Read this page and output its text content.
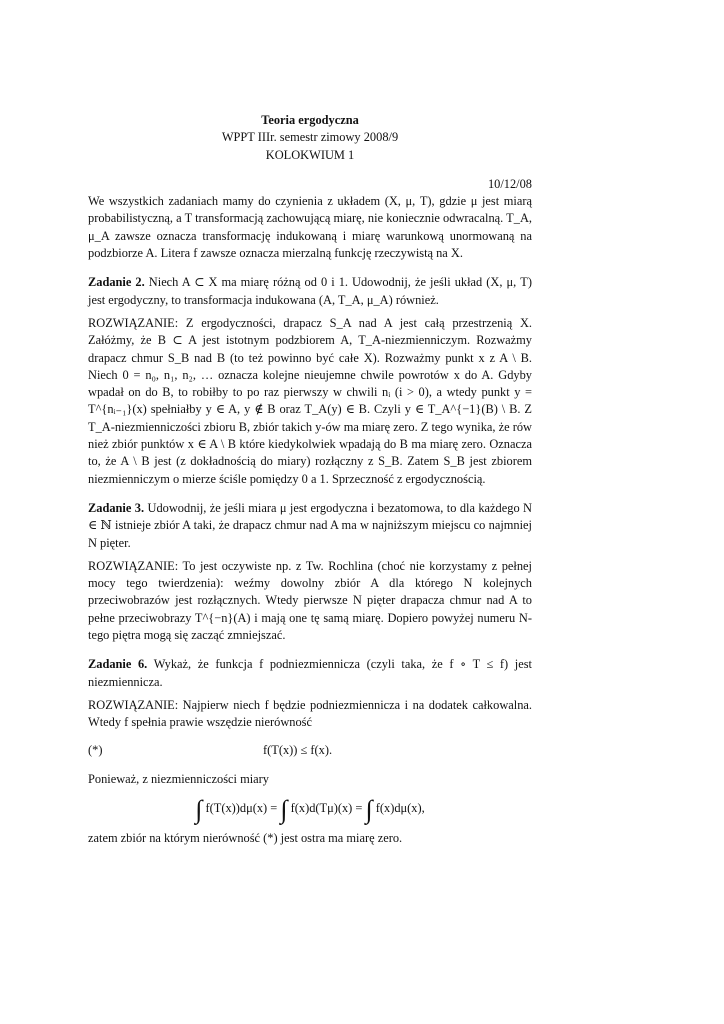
Teoria ergodyczna
WPPT IIIr. semestr zimowy 2008/9
KOLOKWIUM 1
10/12/08

We wszystkich zadaniach mamy do czynienia z układem (X, μ, T), gdzie μ jest miarą probabilistyczną, a T transformacją zachowującą miarę, nie koniecznie odwracalną. T_A, μ_A zawsze oznacza transformację indukowaną i miarę warunkową unormowaną na podzbiorze A. Litera f zawsze oznacza mierzalną funkcję rzeczywistą na X.

Zadanie 2. Niech A ⊂ X ma miarę różną od 0 i 1. Udowodnij, że jeśli układ (X, μ, T) jest ergodyczny, to transformacja indukowana (A, T_A, μ_A) również.

ROZWIĄZANIE: Z ergodyczności, drapacz S_A nad A jest całą przestrzenią X. Załóżmy, że B ⊂ A jest istotnym podzbiorem A, T_A-niezmienniczym. Rozważmy drapacz chmur S_B nad B (to też powinno być całe X). Rozważmy punkt x z A \ B. Niech 0 = n₀, n₁, n₂, … oznacza kolejne nieujemne chwile powrotów x do A. Gdyby wpadał on do B, to robiłby to po raz pierwszy w chwili nᵢ (i > 0), a wtedy punkt y = T^{nᵢ₋₁}(x) spełniałby y ∈ A, y ∉ B oraz T_A(y) ∈ B. Czyli y ∈ T_A^{−1}(B) \ B. Z T_A-niezmienniczości zbioru B, zbiór takich y-ów ma miarę zero. Z tego wynika, że rów nież zbiór punktów x ∈ A \ B które kiedykolwiek wpadają do B ma miarę zero. Oznacza to, że A \ B jest (z dokładnością do miary) rozłączny z S_B. Zatem S_B jest zbiorem niezmienniczym o mierze ściśle pomiędzy 0 a 1. Sprzeczność z ergodycznością.

Zadanie 3. Udowodnij, że jeśli miara μ jest ergodyczna i bezatomowa, to dla każdego N ∈ ℕ istnieje zbiór A taki, że drapacz chmur nad A ma w najniższym miejscu co najmniej N pięter.

ROZWIĄZANIE: To jest oczywiste np. z Tw. Rochlina (choć nie korzystamy z pełnej mocy tego twierdzenia): weźmy dowolny zbiór A dla którego N kolejnych przeciwobrazów jest rozłącznych. Wtedy pierwsze N pięter drapacza chmur nad A to pełne przeciwobrazy T^{−n}(A) i mają one tę samą miarę. Dopiero powyżej numeru N-tego piętra mogą się zacząć zmniejszać.

Zadanie 6. Wykaż, że funkcja f podniezmiennicza (czyli taka, że f ∘ T ≤ f) jest niezmiennicza.

ROZWIĄZANIE: Najpierw niech f będzie podniezmiennicza i na dodatek całkowalna. Wtedy f spełnia prawie wszędzie nierówność

(*)	f(T(x)) ≤ f(x).

Ponieważ, z niezmienniczości miary

∫ f(T(x))dμ(x) = ∫ f(x)d(Tμ)(x) = ∫ f(x)dμ(x),

zatem zbiór na którym nierówność (*) jest ostra ma miarę zero.
